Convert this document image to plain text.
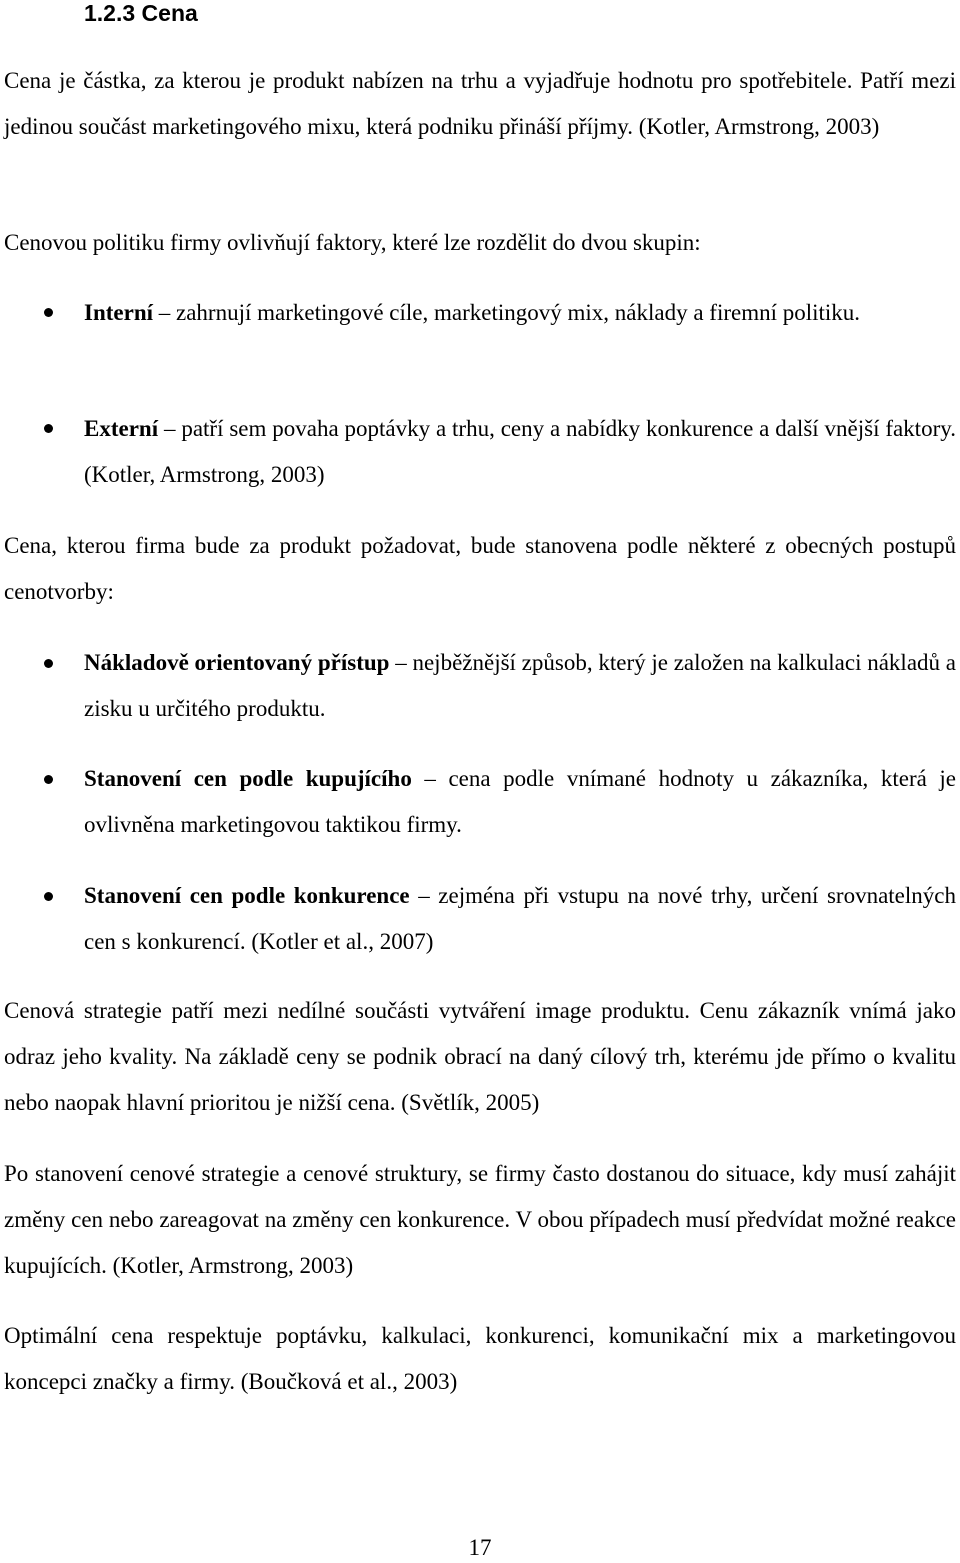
1.2.3 Cena

Cena je částka, za kterou je produkt nabízen na trhu a vyjadřuje hodnotu pro spotřebitele. Patří mezi jedinou součást marketingového mixu, která podniku přináší příjmy. (Kotler, Armstrong, 2003)

Cenovou politiku firmy ovlivňují faktory, které lze rozdělit do dvou skupin:

Interní – zahrnují marketingové cíle, marketingový mix, náklady a firemní politiku.

Externí – patří sem povaha poptávky a trhu, ceny a nabídky konkurence a další vnější faktory. (Kotler, Armstrong, 2003)

Cena, kterou firma bude za produkt požadovat, bude stanovena podle některé z obecných postupů cenotvorby:

Nákladově orientovaný přístup – nejběžnější způsob, který je založen na kalkulaci nákladů a zisku u určitého produktu.

Stanovení cen podle kupujícího – cena podle vnímané hodnoty u zákazníka, která je ovlivněna marketingovou taktikou firmy.

Stanovení cen podle konkurence – zejména při vstupu na nové trhy, určení srovnatelných cen s konkurencí. (Kotler et al., 2007)

Cenová strategie patří mezi nedílné součásti vytváření image produktu. Cenu zákazník vnímá jako odraz jeho kvality. Na základě ceny se podnik obrací na daný cílový trh, kterému jde přímo o kvalitu nebo naopak hlavní prioritou je nižší cena. (Světlík, 2005)

Po stanovení cenové strategie a cenové struktury, se firmy často dostanou do situace, kdy musí zahájit změny cen nebo zareagovat na změny cen konkurence. V obou případech musí předvídat možné reakce kupujících. (Kotler, Armstrong, 2003)

Optimální cena respektuje poptávku, kalkulaci, konkurenci, komunikační mix a marketingovou koncepci značky a firmy. (Boučková et al., 2003)

17
